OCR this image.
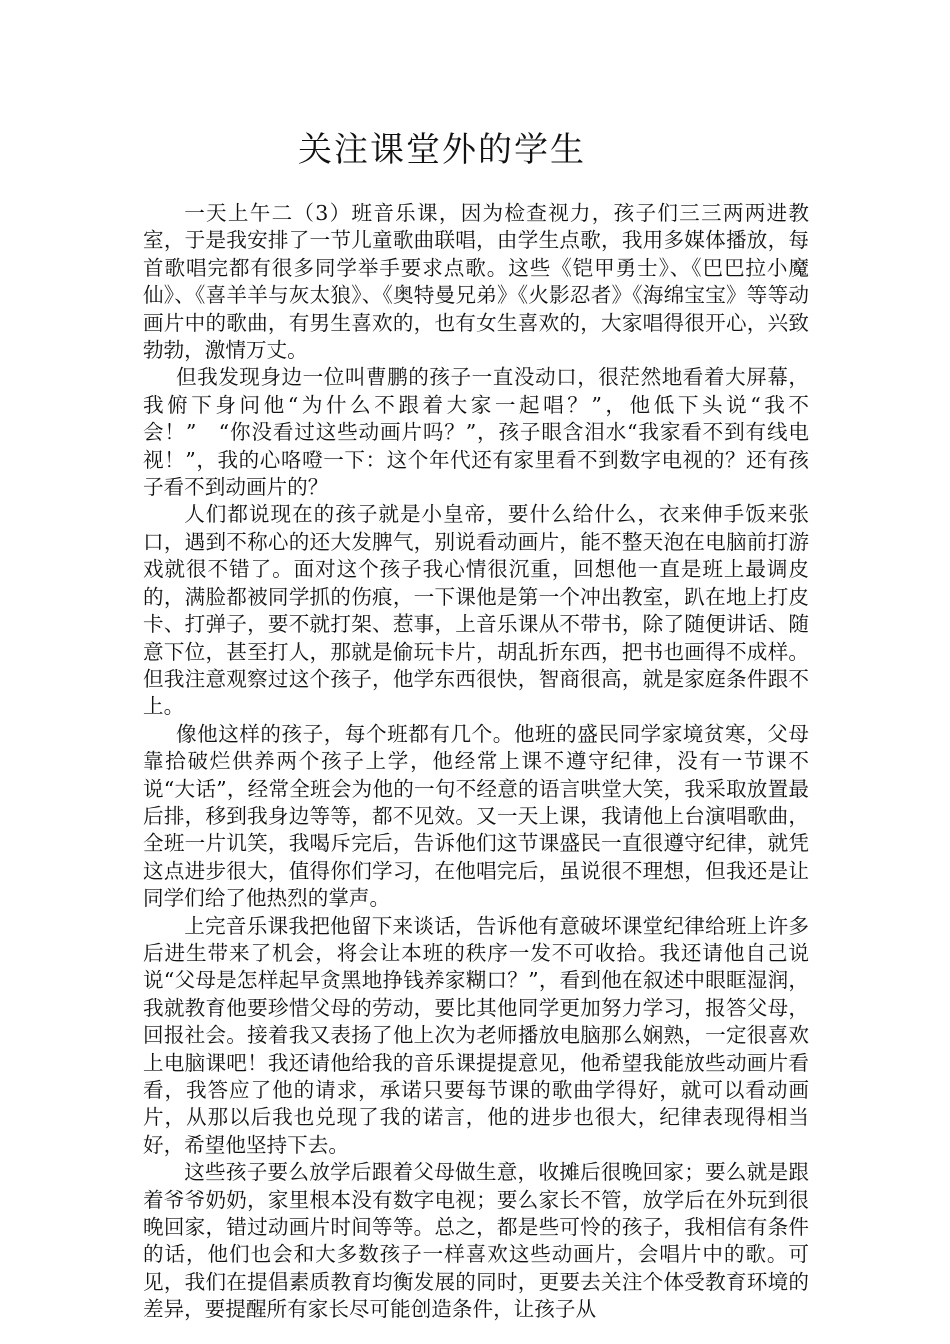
关注课堂外的学生

一天上午二（3）班音乐课，因为检查视力，孩子们三三两两进教室，于是我安排了一节儿童歌曲联唱，由学生点歌，我用多媒体播放，每首歌唱完都有很多同学举手要求点歌。这些《铠甲勇士》、《巴巴拉小魔仙》、《喜羊羊与灰太狼》、《奥特曼兄弟》《火影忍者》《海绵宝宝》等等动画片中的歌曲，有男生喜欢的，也有女生喜欢的，大家唱得很开心，兴致勃勃，激情万丈。

但我发现身边一位叫曹鹏的孩子一直没动口，很茫然地看着大屏幕，我俯下身问他“为什么不跟着大家一起唱？”，他低下头说“我不会！”　“你没看过这些动画片吗？”，孩子眼含泪水“我家看不到有线电视！”，我的心咯噔一下：这个年代还有家里看不到数字电视的？还有孩子看不到动画片的？

人们都说现在的孩子就是小皇帝，要什么给什么，衣来伸手饭来张口，遇到不称心的还大发脾气，别说看动画片，能不整天泡在电脑前打游戏就很不错了。面对这个孩子我心情很沉重，回想他一直是班上最调皮的，满脸都被同学抓的伤痕，一下课他是第一个冲出教室，趴在地上打皮卡、打弹子，要不就打架、惹事，上音乐课从不带书，除了随便讲话、随意下位，甚至打人，那就是偷玩卡片，胡乱折东西，把书也画得不成样。但我注意观察过这个孩子，他学东西很快，智商很高，就是家庭条件跟不上。

像他这样的孩子，每个班都有几个。他班的盛民同学家境贫寒，父母靠拾破烂供养两个孩子上学，他经常上课不遵守纪律，没有一节课不说“大话”，经常全班会为他的一句不经意的语言哄堂大笑，我采取放置最后排，移到我身边等等，都不见效。又一天上课，我请他上台演唱歌曲，全班一片讥笑，我喝斥完后，告诉他们这节课盛民一直很遵守纪律，就凭这点进步很大，值得你们学习，在他唱完后，虽说很不理想，但我还是让同学们给了他热烈的掌声。

上完音乐课我把他留下来谈话，告诉他有意破坏课堂纪律给班上许多后进生带来了机会，将会让本班的秩序一发不可收拾。我还请他自己说说“父母是怎样起早贪黑地挣钱养家糊口？”，看到他在叙述中眼眶湿润，我就教育他要珍惜父母的劳动，要比其他同学更加努力学习，报答父母，回报社会。接着我又表扬了他上次为老师播放电脑那么娴熟，一定很喜欢上电脑课吧！我还请他给我的音乐课提提意见，他希望我能放些动画片看看，我答应了他的请求，承诺只要每节课的歌曲学得好，就可以看动画片，从那以后我也兑现了我的诺言，他的进步也很大，纪律表现得相当好，希望他坚持下去。

这些孩子要么放学后跟着父母做生意，收摊后很晚回家；要么就是跟着爷爷奶奶，家里根本没有数字电视；要么家长不管，放学后在外玩到很晚回家，错过动画片时间等等。总之，都是些可怜的孩子，我相信有条件的话，他们也会和大多数孩子一样喜欢这些动画片，会唱片中的歌。可见，我们在提倡素质教育均衡发展的同时，更要去关注个体受教育环境的差异，要提醒所有家长尽可能创造条件，让孩子从
